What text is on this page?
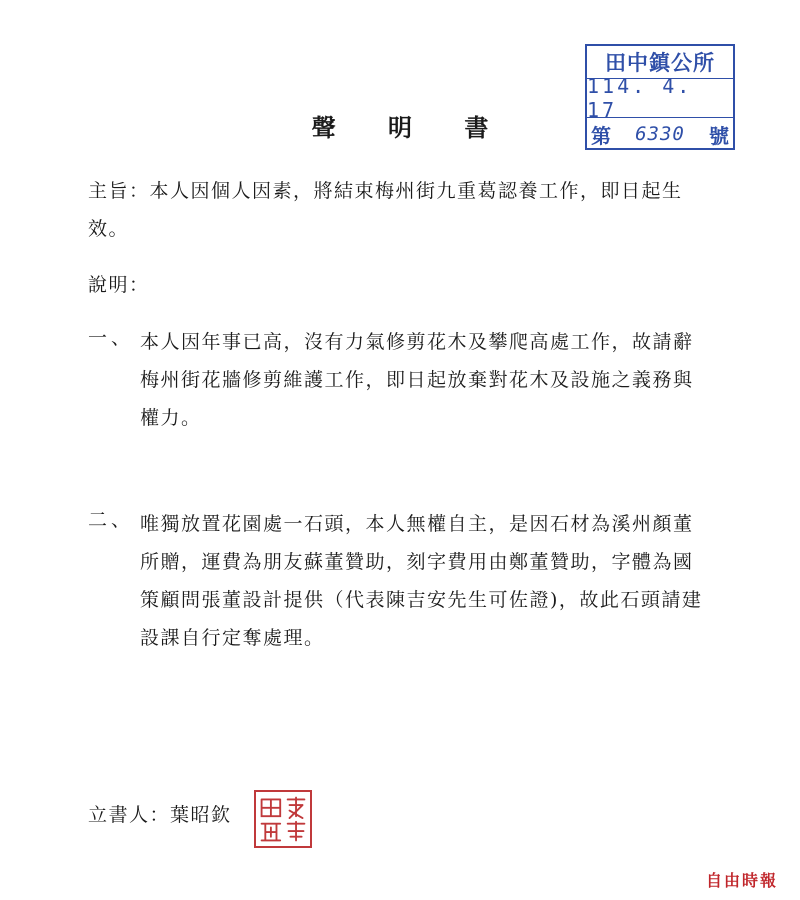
田中鎮公所
114. 4. 17
第 6330 號
聲 明 書

主旨：本人因個人因素，將結束梅州街九重葛認養工作，即日起生效。

說明：
一、 本人因年事已高，沒有力氣修剪花木及攀爬高處工作，故請辭梅州街花牆修剪維護工作，即日起放棄對花木及設施之義務與權力。

二、 唯獨放置花園處一石頭，本人無權自主，是因石材為溪州顏董所贈，運費為朋友蘇董贊助，刻字費用由鄭董贊助，字體為國策顧問張董設計提供（代表陳吉安先生可佐證)，故此石頭請建設課自行定奪處理。

立書人：葉昭欽
自由時報
